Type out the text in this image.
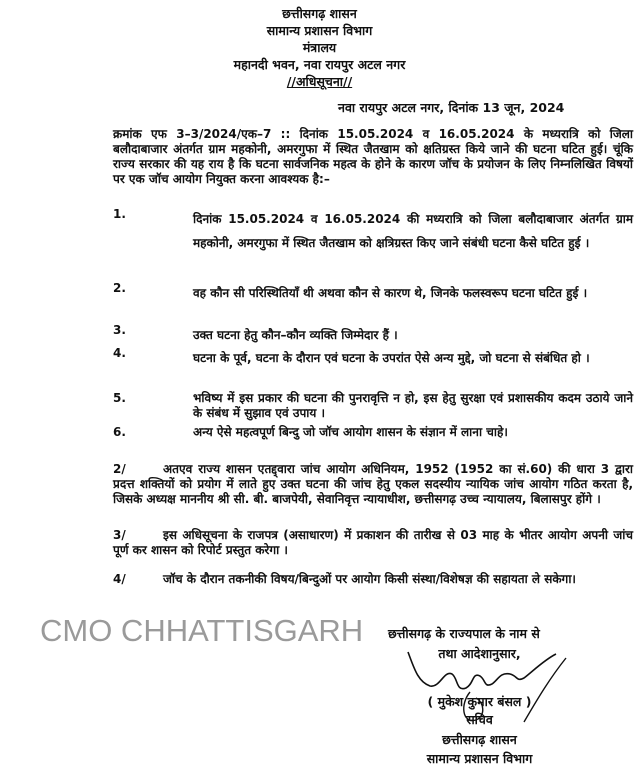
छत्तीसगढ़ शासन
सामान्य प्रशासन विभाग
मंत्रालय
महानदी भवन, नवा रायपुर अटल नगर
//अधिसूचना//
नवा रायपुर अटल नगर, दिनांक 13 जून, 2024
क्रमांक एफ 3–3/2024/एक–7 :: दिनांक 15.05.2024 व 16.05.2024 के मध्यरात्रि को जिला बलौदाबाजार अंतर्गत ग्राम महकोनी, अमरगुफा में स्थित जैतखाम को क्षतिग्रस्त किये जाने की घटना घटित हुई। चूंकि राज्य सरकार की यह राय है कि घटना सार्वजनिक महत्व के होने के कारण जॉच के प्रयोजन के लिए निम्नलिखित विषयों पर एक जॉच आयोग नियुक्त करना आवश्यक है:–
1.	दिनांक 15.05.2024 व 16.05.2024 की मध्यरात्रि को जिला बलौदाबाजार अंतर्गत ग्राम महकोनी, अमरगुफा में स्थित जैतखाम को क्षत्रिग्रस्त किए जाने संबंधी घटना कैसे घटित हुई ।
2.	वह कौन सी परिस्थितियॉं थी अथवा कौन से कारण थे, जिनके फलस्वरूप घटना घटित हुई ।
3.	उक्त घटना हेतु कौन–कौन व्यक्ति जिम्मेदार हैं ।
4.	घटना के पूर्व, घटना के दौरान एवं घटना के उपरांत ऐसे अन्य मुद्दे, जो घटना से संबंधित हो ।
5.	भविष्य में इस प्रकार की घटना की पुनरावृत्ति न हो, इस हेतु सुरक्षा एवं प्रशासकीय कदम उठाये जाने के संबंध में सुझाव एवं उपाय ।
6.	अन्य ऐसे महत्वपूर्ण बिन्दु जो जॉच आयोग शासन के संज्ञान में लाना चाहे।
2/	अतएव राज्य शासन एतद्द्वारा जांच आयोग अधिनियम, 1952 (1952 का सं.60) की धारा 3 द्वारा प्रदत्त शक्तियों को प्रयोग में लाते हुए उक्त घटना की जांच हेतु एकल सदस्यीय न्यायिक जांच आयोग गठित करता है, जिसके अध्यक्ष माननीय श्री सी. बी. बाजपेयी, सेवानिवृत्त न्यायाधीश, छत्तीसगढ़ उच्च न्यायालय, बिलासपुर होंगे ।
3/	इस अधिसूचना के राजपत्र (असाधारण) में प्रकाशन की तारीख से 03 माह के भीतर आयोग अपनी जांच पूर्ण कर शासन को रिपोर्ट प्रस्तुत करेगा ।
4/	जॉच के दौरान तकनीकी विषय/बिन्दुओं पर आयोग किसी संस्था/विशेषज्ञ की सहायता ले सकेगा।
CMO CHHATTISGARH छत्तीसगढ़ के राज्यपाल के नाम से
तथा आदेशानुसार,
( मुकेश कुमार बंसल )
सचिव
छत्तीसगढ़ शासन
सामान्य प्रशासन विभाग
